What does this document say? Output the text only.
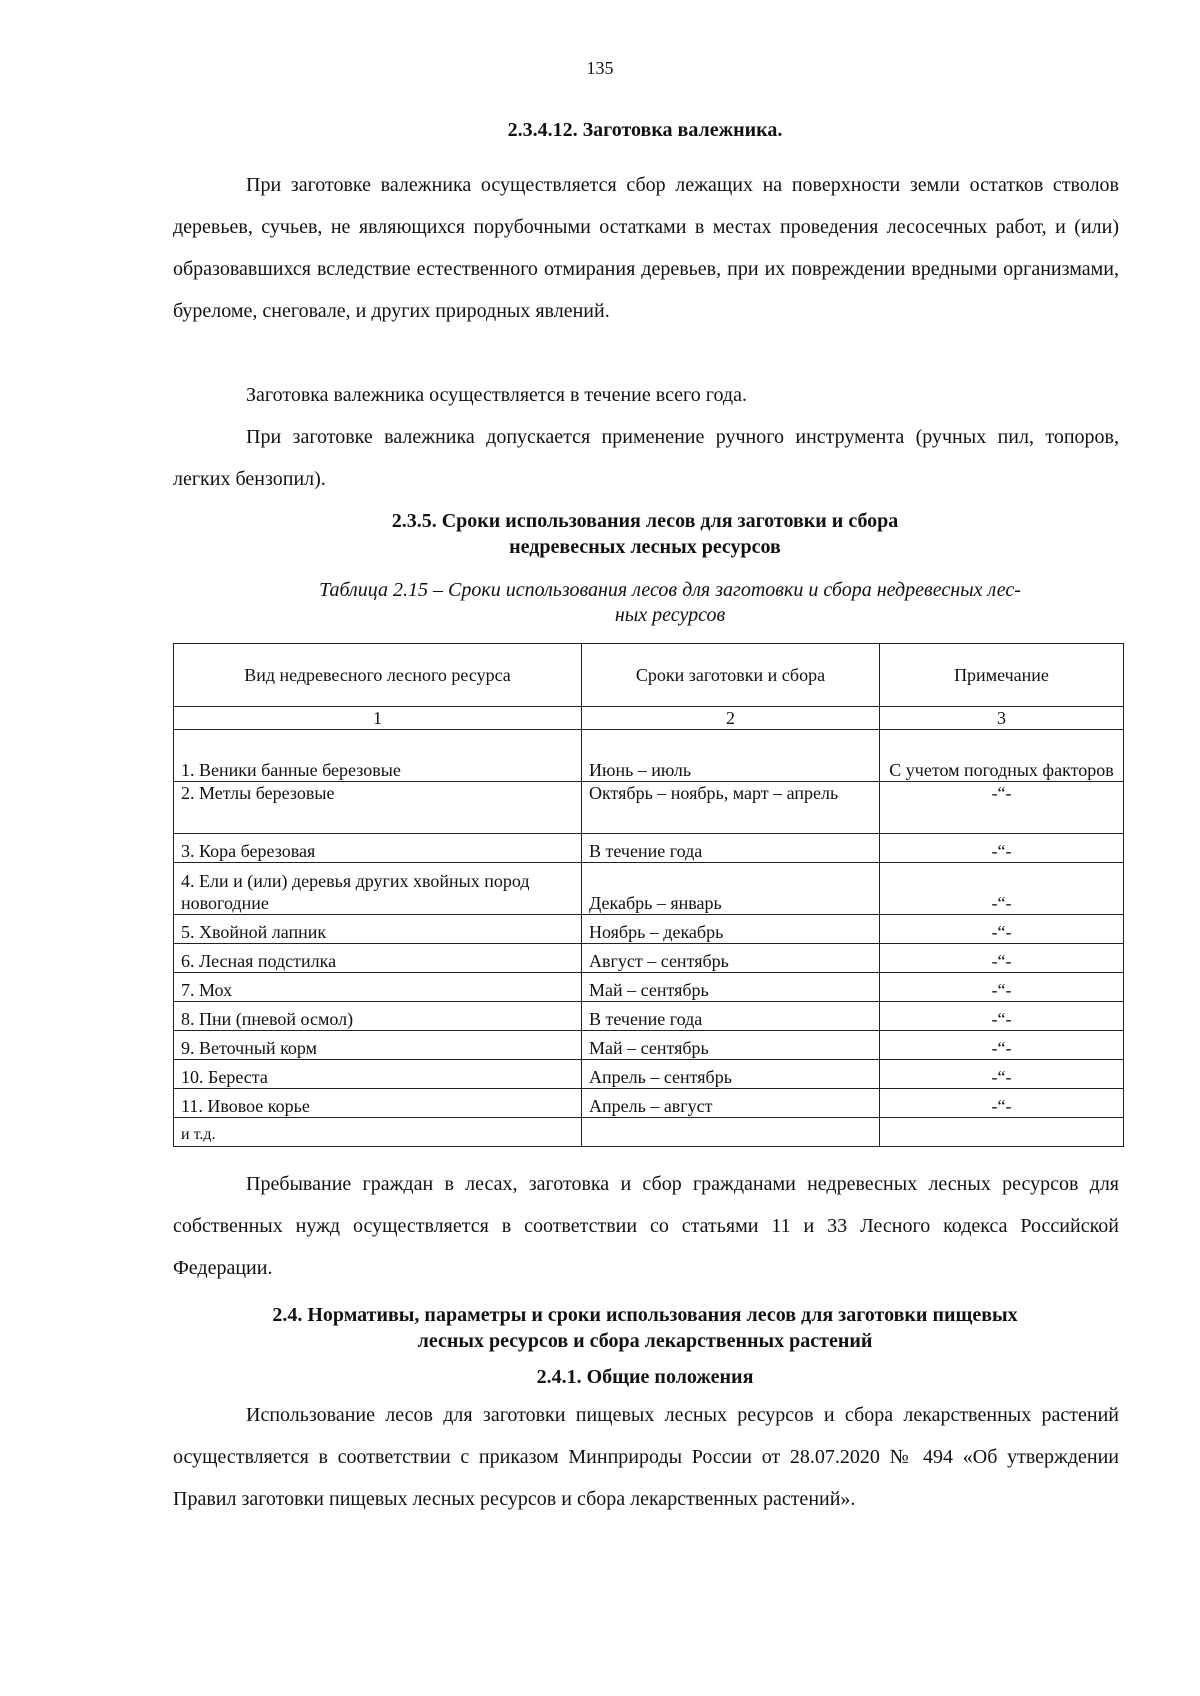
135
2.3.4.12. Заготовка валежника.

При заготовке валежника осуществляется сбор лежащих на поверхности земли остатков стволов деревьев, сучьев, не являющихся порубочными остатками в местах проведения лесосечных работ, и (или) образовавшихся вследствие естественного отмирания деревьев, при их повреждении вредными организмами, буреломе, снеговале, и других природных явлений.

Заготовка валежника осуществляется в течение всего года.

При заготовке валежника допускается применение ручного инструмента (ручных пил, топоров, легких бензопил).

2.3.5. Сроки использования лесов для заготовки и сбора
недревесных лесных ресурсов
Таблица 2.15 – Сроки использования лесов для заготовки и сбора недревесных лес-
ных ресурсов
Вид недревесного лесного ресурса	Сроки заготовки и сбора	Примечание
1	2	3
1. Веники банные березовые	Июнь – июль	С учетом погодных факторов
2. Метлы березовые	Октябрь – ноябрь, март – апрель	-“-
3. Кора березовая	В течение года	-“-
4. Ели и (или) деревья других хвойных пород новогодние	Декабрь – январь	-“-
5. Хвойной лапник	Ноябрь – декабрь	-“-
6. Лесная подстилка	Август – сентябрь	-“-
7. Мох	Май – сентябрь	-“-
8. Пни (пневой осмол)	В течение года	-“-
9. Веточный корм	Май – сентябрь	-“-
10. Береста	Апрель – сентябрь	-“-
11. Ивовое корье	Апрель – август	-“-
и т.д.		

Пребывание граждан в лесах, заготовка и сбор гражданами недревесных лесных ресурсов для собственных нужд осуществляется в соответствии со статьями 11 и 33 Лесного кодекса Российской Федерации.

2.4. Нормативы, параметры и сроки использования лесов для заготовки пищевых
лесных ресурсов и сбора лекарственных растений
2.4.1. Общие положения

Использование лесов для заготовки пищевых лесных ресурсов и сбора лекарственных растений осуществляется в соответствии с приказом Минприроды России от 28.07.2020 № 494 «Об утверждении Правил заготовки пищевых лесных ресурсов и сбора лекарственных растений».
